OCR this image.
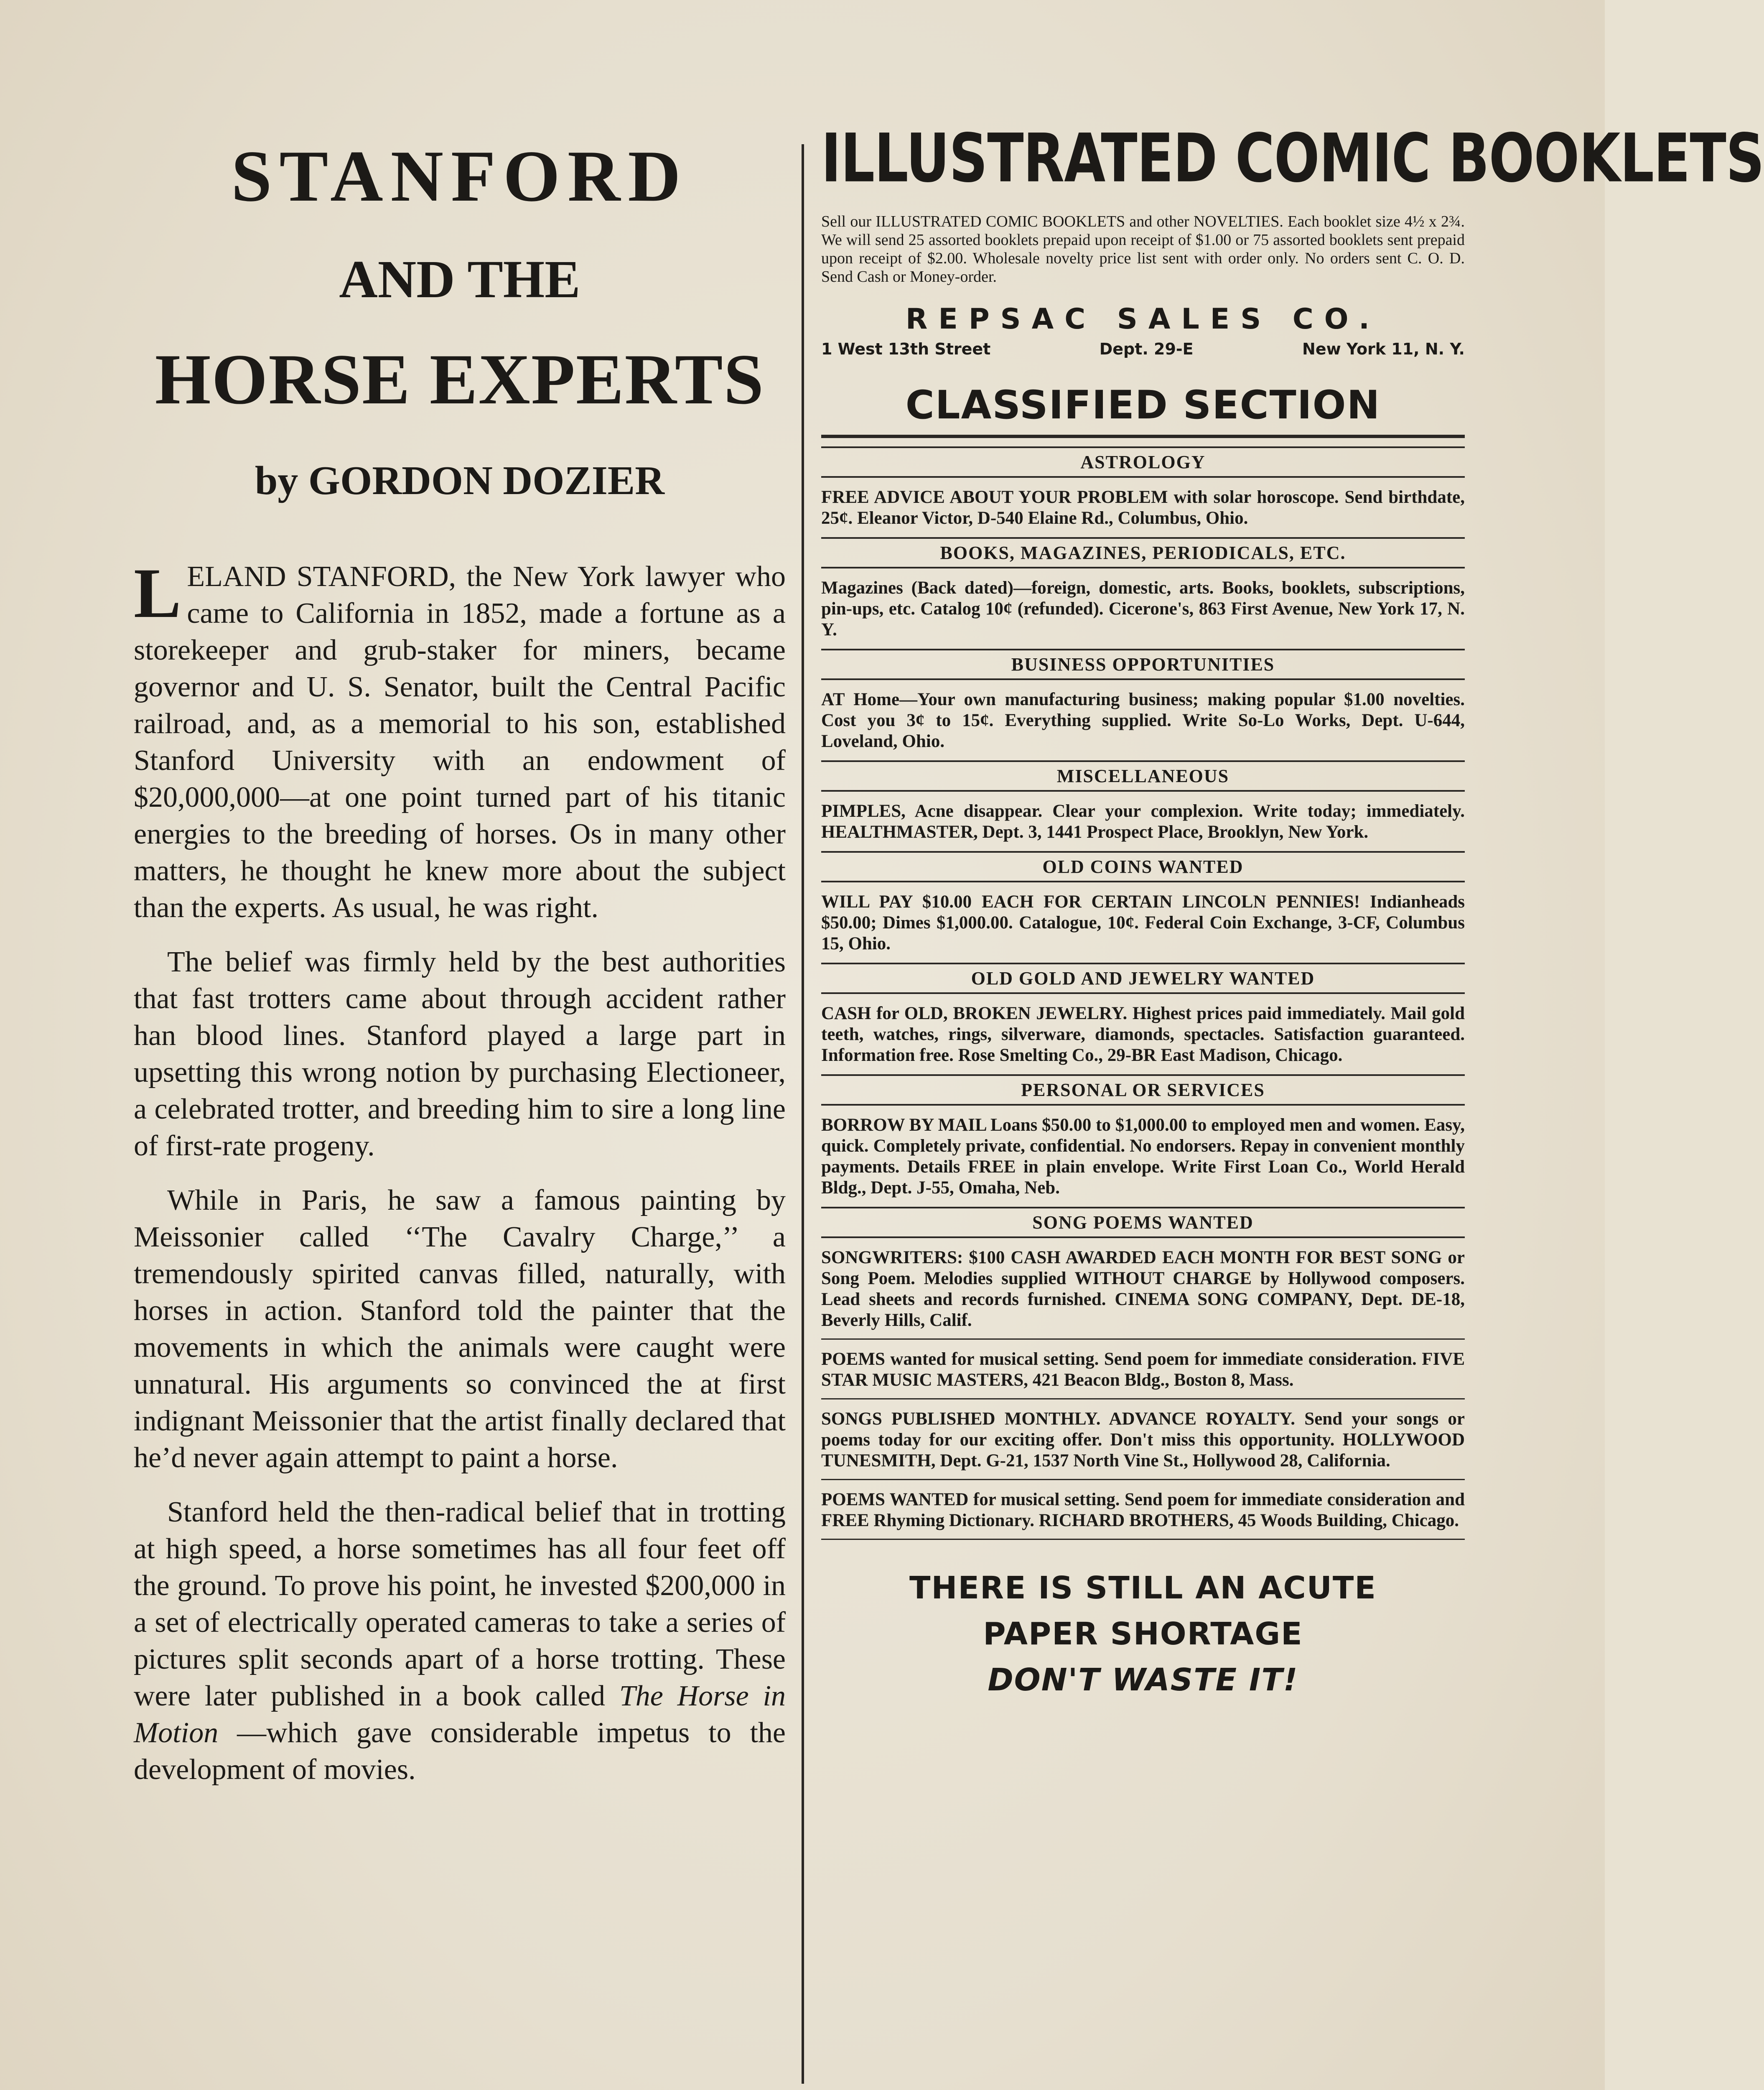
STANFORD
AND THE
HORSE EXPERTS
by GORDON DOZIER

LELAND STANFORD, the New York lawyer who came to California in 1852, made a fortune as a storekeeper and grub-staker for miners, became governor and U. S. Senator, built the Central Pacific railroad, and, as a memorial to his son, established Stanford University with an endowment of $20,000,000—at one point turned part of his titanic energies to the breeding of horses. Os in many other matters, he thought he knew more about the subject than the experts. As usual, he was right.

The belief was firmly held by the best authorities that fast trotters came about through accident rather han blood lines. Stanford played a large part in upsetting this wrong notion by purchasing Electioneer, a celebrated trotter, and breeding him to sire a long line of first-rate progeny.

While in Paris, he saw a famous painting by Meissonier called ‘‘The Cavalry Charge,’’ a tremendously spirited canvas filled, naturally, with horses in action. Stanford told the painter that the movements in which the animals were caught were unnatural. His arguments so convinced the at first indignant Meissonier that the artist finally declared that he’d never again attempt to paint a horse.

Stanford held the then-radical belief that in trotting at high speed, a horse sometimes has all four feet off the ground. To prove his point, he invested $200,000 in a set of electrically operated cameras to take a series of pictures split seconds apart of a horse trotting. These were later published in a book called The Horse in Motion —which gave considerable impetus to the development of movies.

ILLUSTRATED COMIC BOOKLETS
Sell our ILLUSTRATED COMIC BOOKLETS and other NOVELTIES. Each booklet size 4½ x 2¾. We will send 25 assorted booklets prepaid upon receipt of $1.00 or 75 assorted booklets sent prepaid upon receipt of $2.00. Wholesale novelty price list sent with order only. No orders sent C. O. D. Send Cash or Money-order.
REPSAC SALES CO.
1 West 13th Street	Dept. 29-E	New York 11, N. Y.
CLASSIFIED SECTION
ASTROLOGY
FREE ADVICE ABOUT YOUR PROBLEM with solar horoscope. Send birthdate, 25¢. Eleanor Victor, D-540 Elaine Rd., Columbus, Ohio.
BOOKS, MAGAZINES, PERIODICALS, ETC.
Magazines (Back dated)—foreign, domestic, arts. Books, booklets, subscriptions, pin-ups, etc. Catalog 10¢ (refunded). Cicerone's, 863 First Avenue, New York 17, N. Y.
BUSINESS OPPORTUNITIES
AT Home—Your own manufacturing business; making popular $1.00 novelties. Cost you 3¢ to 15¢. Everything supplied. Write So-Lo Works, Dept. U-644, Loveland, Ohio.
MISCELLANEOUS
PIMPLES, Acne disappear. Clear your complexion. Write today; immediately. HEALTHMASTER, Dept. 3, 1441 Prospect Place, Brooklyn, New York.
OLD COINS WANTED
WILL PAY $10.00 EACH FOR CERTAIN LINCOLN PENNIES! Indianheads $50.00; Dimes $1,000.00. Catalogue, 10¢. Federal Coin Exchange, 3-CF, Columbus 15, Ohio.
OLD GOLD AND JEWELRY WANTED
CASH for OLD, BROKEN JEWELRY. Highest prices paid immediately. Mail gold teeth, watches, rings, silverware, diamonds, spectacles. Satisfaction guaranteed. Information free. Rose Smelting Co., 29-BR East Madison, Chicago.
PERSONAL OR SERVICES
BORROW BY MAIL Loans $50.00 to $1,000.00 to employed men and women. Easy, quick. Completely private, confidential. No endorsers. Repay in convenient monthly payments. Details FREE in plain envelope. Write First Loan Co., World Herald Bldg., Dept. J-55, Omaha, Neb.
SONG POEMS WANTED
SONGWRITERS: $100 CASH AWARDED EACH MONTH FOR BEST SONG or Song Poem. Melodies supplied WITHOUT CHARGE by Hollywood composers. Lead sheets and records furnished. CINEMA SONG COMPANY, Dept. DE-18, Beverly Hills, Calif.
POEMS wanted for musical setting. Send poem for immediate consideration. FIVE STAR MUSIC MASTERS, 421 Beacon Bldg., Boston 8, Mass.
SONGS PUBLISHED MONTHLY. ADVANCE ROYALTY. Send your songs or poems today for our exciting offer. Don't miss this opportunity. HOLLYWOOD TUNESMITH, Dept. G-21, 1537 North Vine St., Hollywood 28, California.
POEMS WANTED for musical setting. Send poem for immediate consideration and FREE Rhyming Dictionary. RICHARD BROTHERS, 45 Woods Building, Chicago.
THERE IS STILL AN ACUTE
PAPER SHORTAGE
DON'T WASTE IT!
